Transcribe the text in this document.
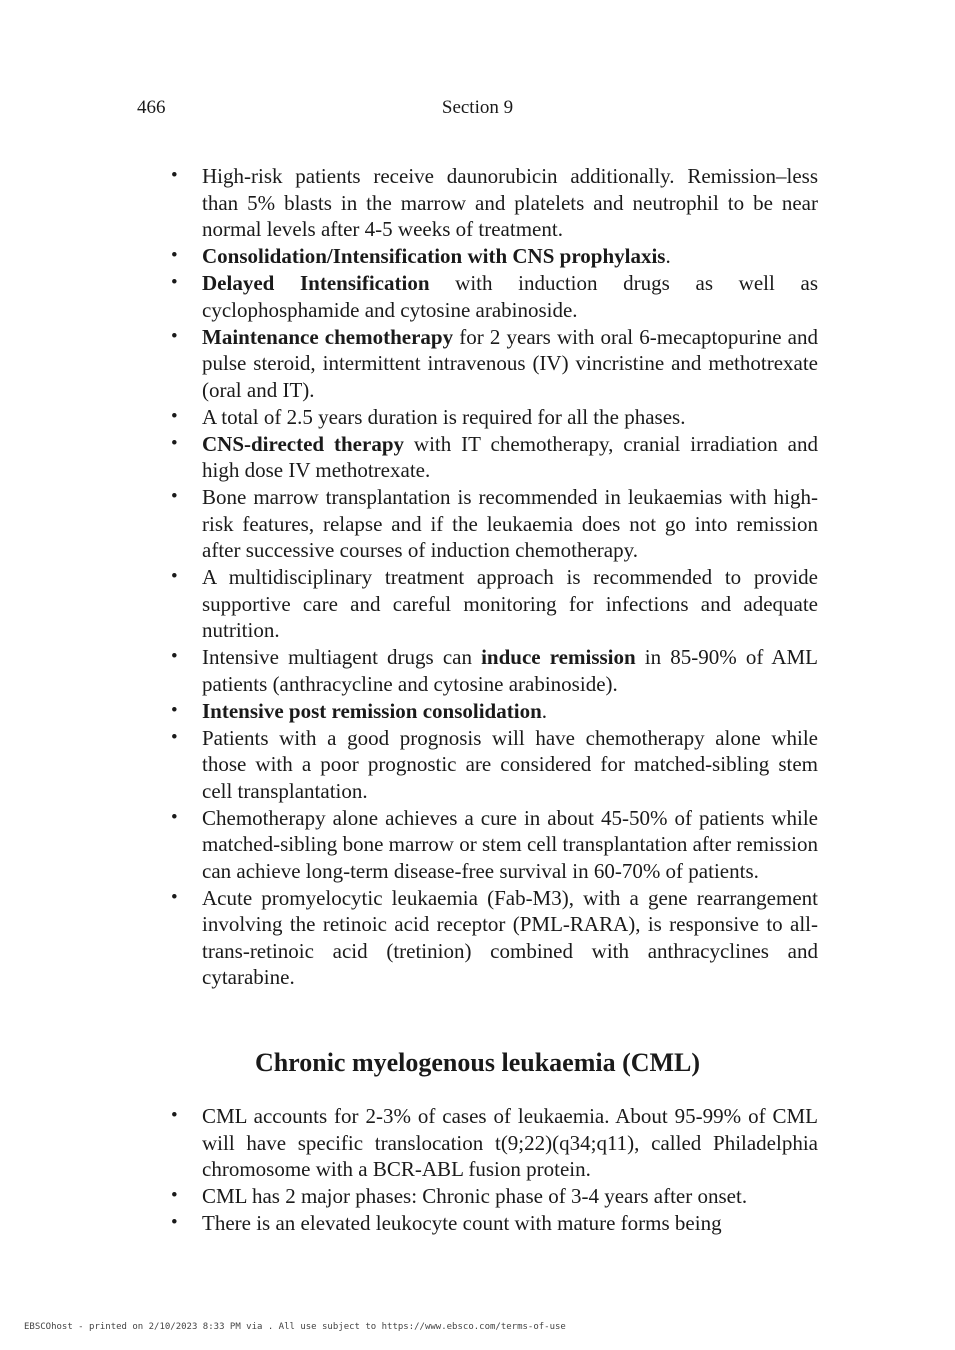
466	Section 9
• High-risk patients receive daunorubicin additionally. Remission–less than 5% blasts in the marrow and platelets and neutrophil to be near normal levels after 4-5 weeks of treatment.
• Consolidation/Intensification with CNS prophylaxis.
• Delayed Intensification with induction drugs as well as cyclophosphamide and cytosine arabinoside.
• Maintenance chemotherapy for 2 years with oral 6-mecaptopurine and pulse steroid, intermittent intravenous (IV) vincristine and methotrexate (oral and IT).
• A total of 2.5 years duration is required for all the phases.
• CNS-directed therapy with IT chemotherapy, cranial irradiation and high dose IV methotrexate.
• Bone marrow transplantation is recommended in leukaemias with high-risk features, relapse and if the leukaemia does not go into remission after successive courses of induction chemotherapy.
• A multidisciplinary treatment approach is recommended to provide supportive care and careful monitoring for infections and adequate nutrition.
• Intensive multiagent drugs can induce remission in 85-90% of AML patients (anthracycline and cytosine arabinoside).
• Intensive post remission consolidation.
• Patients with a good prognosis will have chemotherapy alone while those with a poor prognostic are considered for matched-sibling stem cell transplantation.
• Chemotherapy alone achieves a cure in about 45-50% of patients while matched-sibling bone marrow or stem cell transplantation after remission can achieve long-term disease-free survival in 60-70% of patients.
• Acute promyelocytic leukaemia (Fab-M3), with a gene rearrangement involving the retinoic acid receptor (PML-RARA), is responsive to all-trans-retinoic acid (tretinion) combined with anthracyclines and cytarabine.
Chronic myelogenous leukaemia (CML)
• CML accounts for 2-3% of cases of leukaemia. About 95-99% of CML will have specific translocation t(9;22)(q34;q11), called Philadelphia chromosome with a BCR-ABL fusion protein.
• CML has 2 major phases: Chronic phase of 3-4 years after onset.
• There is an elevated leukocyte count with mature forms being
EBSCOhost - printed on 2/10/2023 8:33 PM via . All use subject to https://www.ebsco.com/terms-of-use
